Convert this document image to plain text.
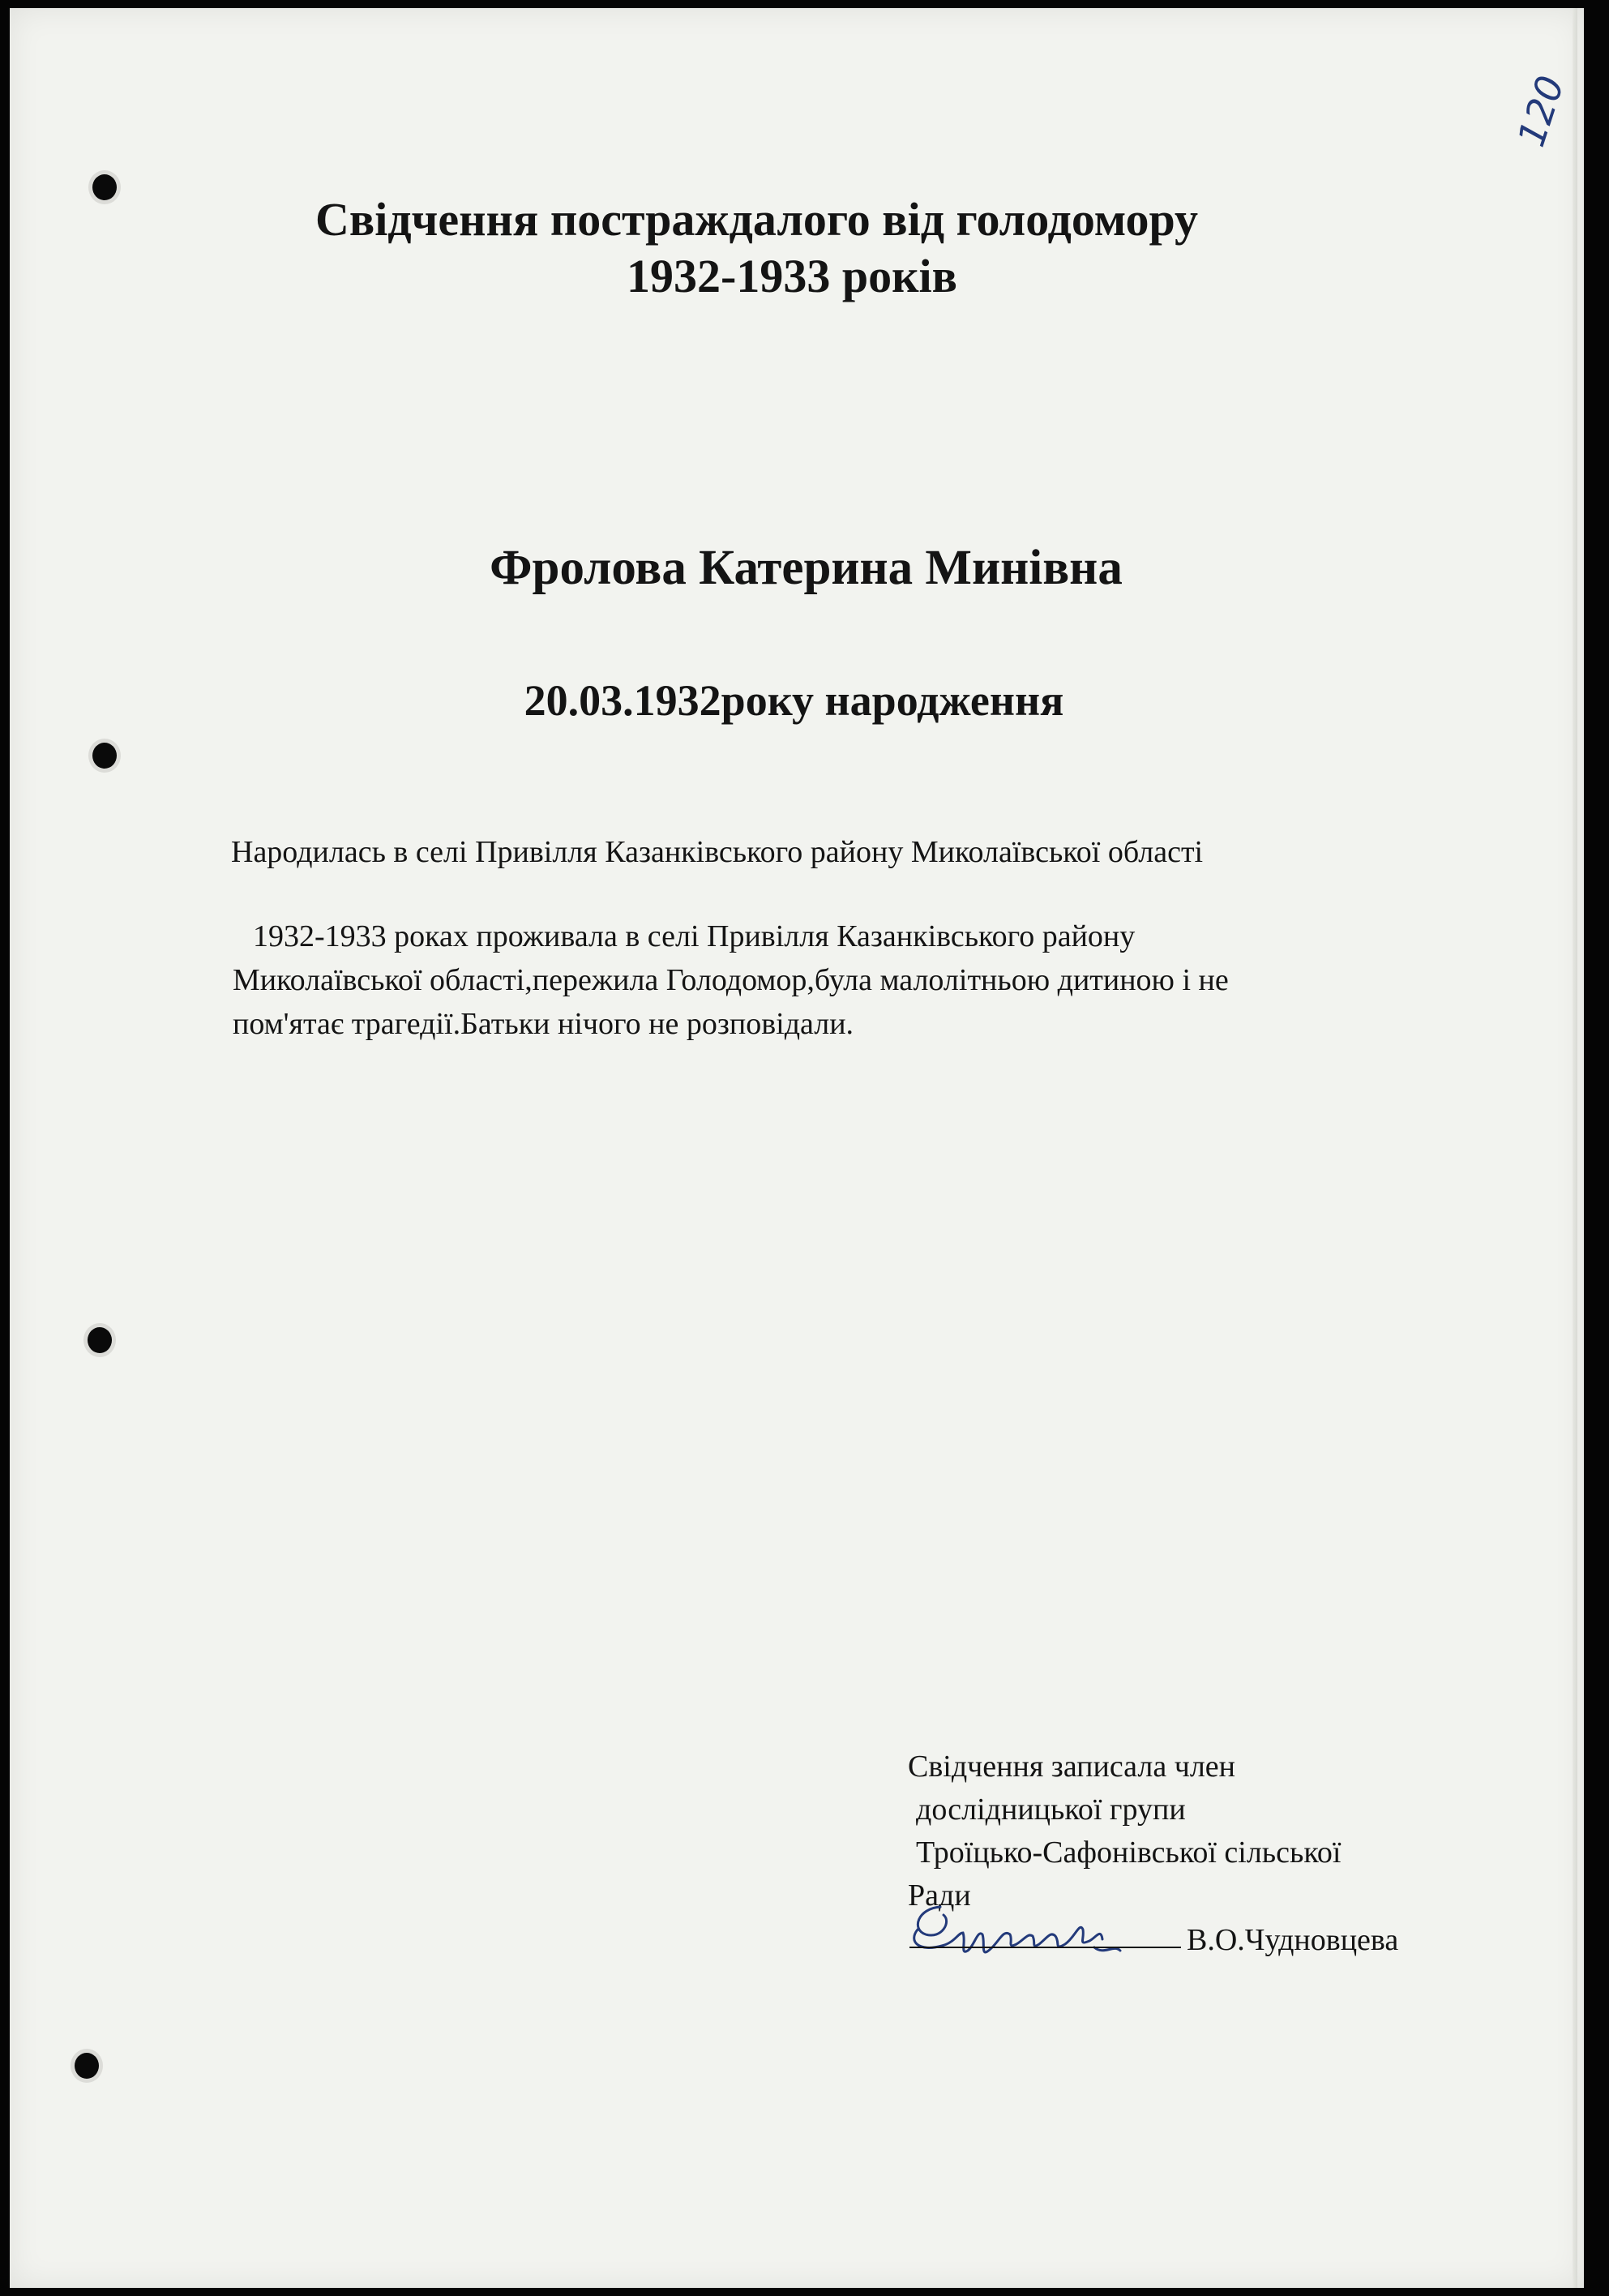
120
Свідчення постраждалого від голодомору
1932-1933 років
Фролова Катерина Минівна
20.03.1932року народження
Народилась в селі Привілля Казанківського району Миколаївської області
1932-1933 роках проживала в селі Привілля Казанківського району
Миколаївської області,пережила Голодомор,була малолітньою дитиною і не
пом'ятає трагедії.Батьки нічого не розповідали.
Свідчення записала член
дослідницької групи
Троїцько-Сафонівської сільської
Ради
В.О.Чудновцева
